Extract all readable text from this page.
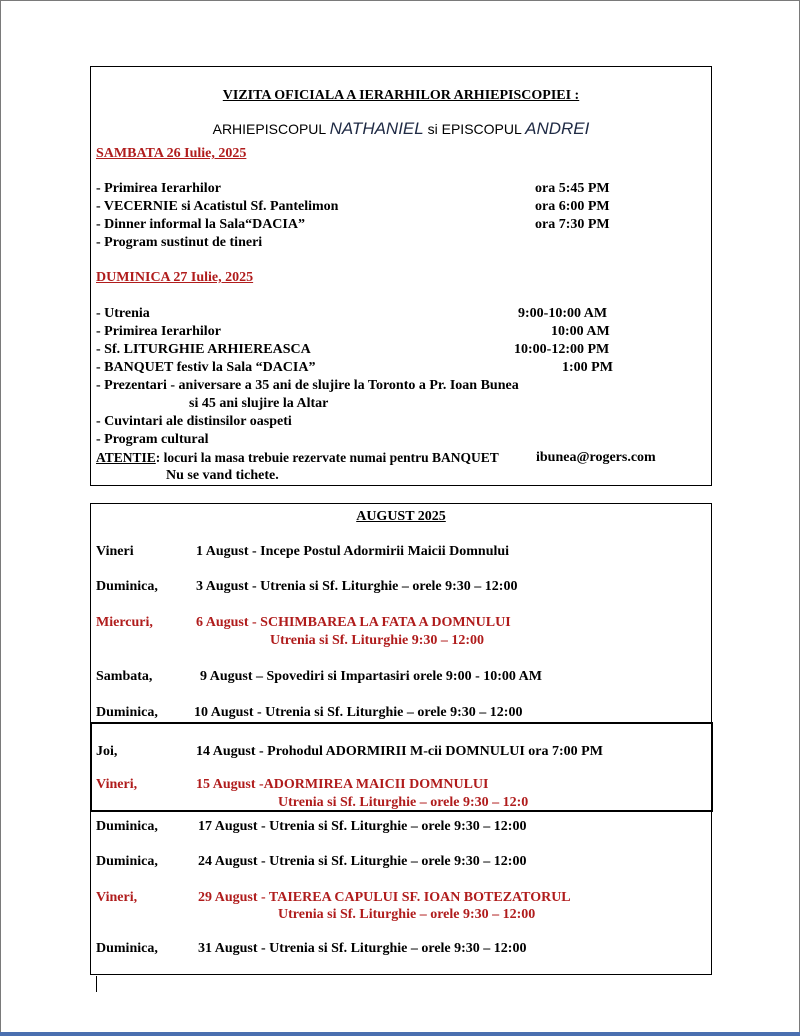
VIZITA OFICIALA A IERARHILOR ARHIEPISCOPIEI :
ARHIEPISCOPUL NATHANIEL si EPISCOPUL ANDREI
SAMBATA 26 Iulie, 2025
- Primirea Ierarhilor	ora 5:45 PM
- VECERNIE si Acatistul Sf. Pantelimon	ora 6:00 PM
- Dinner informal la Sala“DACIA”	ora 7:30 PM
- Program sustinut de tineri
DUMINICA 27 Iulie, 2025
- Utrenia	9:00-10:00 AM
- Primirea Ierarhilor	10:00 AM
- Sf. LITURGHIE ARHIEREASCA	10:00-12:00 PM
- BANQUET festiv la Sala “DACIA”	1:00 PM
- Prezentari - aniversare a 35 ani de slujire la Toronto a Pr. Ioan Bunea
si 45 ani slujire la Altar
- Cuvintari ale distinsilor oaspeti
- Program cultural
ATENTIE: locuri la masa trebuie rezervate numai pentru BANQUET	ibunea@rogers.com
Nu se vand tichete.
AUGUST 2025
Vineri	1 August - Incepe Postul Adormirii Maicii Domnului
Duminica,	3 August - Utrenia si Sf. Liturghie – orele 9:30 – 12:00
Miercuri,	6 August - SCHIMBAREA LA FATA A DOMNULUI
Utrenia si Sf. Liturghie 9:30 – 12:00
Sambata,	9 August – Spovediri si Impartasiri orele 9:00 - 10:00 AM
Duminica,	10 August - Utrenia si Sf. Liturghie – orele 9:30 – 12:00
Joi,	14 August - Prohodul ADORMIRII M-cii DOMNULUI ora 7:00 PM
Vineri,	15 August -ADORMIREA MAICII DOMNULUI
Utrenia si Sf. Liturghie – orele 9:30 – 12:0
Duminica,	17 August - Utrenia si Sf. Liturghie – orele 9:30 – 12:00
Duminica,	24 August - Utrenia si Sf. Liturghie – orele 9:30 – 12:00
Vineri,	29 August - TAIEREA CAPULUI SF. IOAN BOTEZATORUL
Utrenia si Sf. Liturghie – orele 9:30 – 12:00
Duminica,	31 August - Utrenia si Sf. Liturghie – orele 9:30 – 12:00
